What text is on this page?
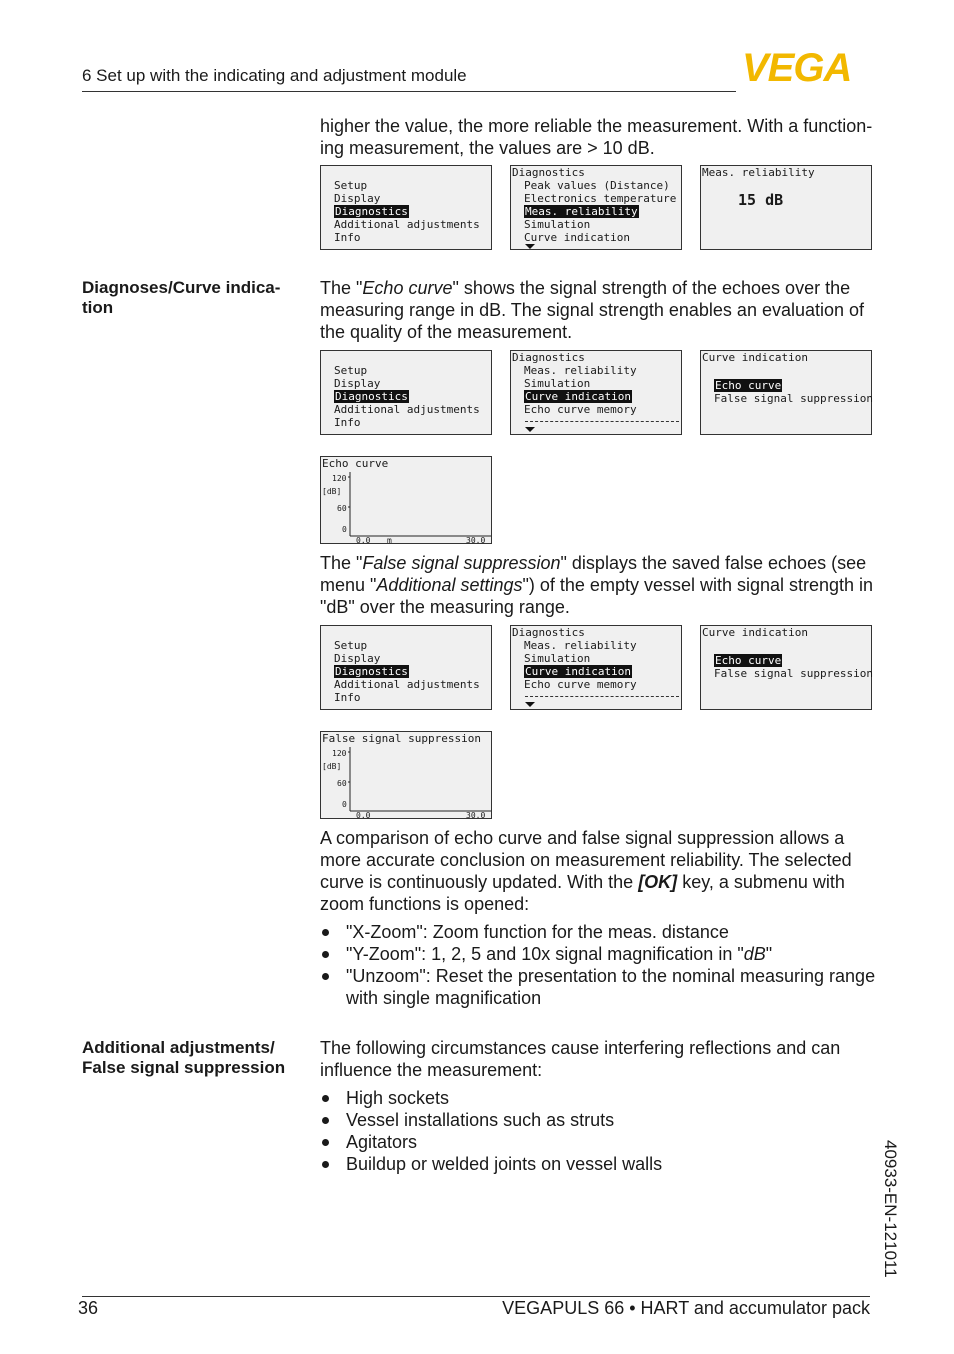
6 Set up with the indicating and adjustment module	VEGA

higher the value, the more reliable the measurement. With a function-ing measurement, the values are > 10 dB.

Setup
Display
Diagnostics
Additional adjustments
Info
Diagnostics
Peak values (Distance)
Electronics temperature
Meas. reliability
Simulation
Curve indication
Meas. reliability
15 dB
Diagnoses/Curve indica-tion

The "Echo curve" shows the signal strength of the echoes over the measuring range in dB. The signal strength enables an evaluation of the quality of the measurement.

Setup
Display
Diagnostics
Additional adjustments
Info
Diagnostics
Meas. reliability
Simulation
Curve indication
Echo curve memory
Curve indication
Echo curve
False signal suppression
Echo curve
120
[dB]
60
0
0.0 m	30.0

The "False signal suppression" displays the saved false echoes (see menu "Additional settings") of the empty vessel with signal strength in "dB" over the measuring range.

Setup
Display
Diagnostics
Additional adjustments
Info
Diagnostics
Meas. reliability
Simulation
Curve indication
Echo curve memory
Curve indication
Echo curve
False signal suppression
False signal suppression
120
[dB]
60
0
0.0	30.0

A comparison of echo curve and false signal suppression allows a more accurate conclusion on measurement reliability. The selected curve is continuously updated. With the [OK] key, a submenu with zoom functions is opened:

"X-Zoom": Zoom function for the meas. distance
"Y-Zoom": 1, 2, 5 and 10x signal magnification in "dB"
"Unzoom": Reset the presentation to the nominal measuring range with single magnification
Additional adjustments/
False signal suppression

The following circumstances cause interfering reflections and can influence the measurement:

High sockets
Vessel installations such as struts
Agitators
Buildup or welded joints on vessel walls	40933-EN-121011
36	VEGAPULS 66 • HART and accumulator pack
